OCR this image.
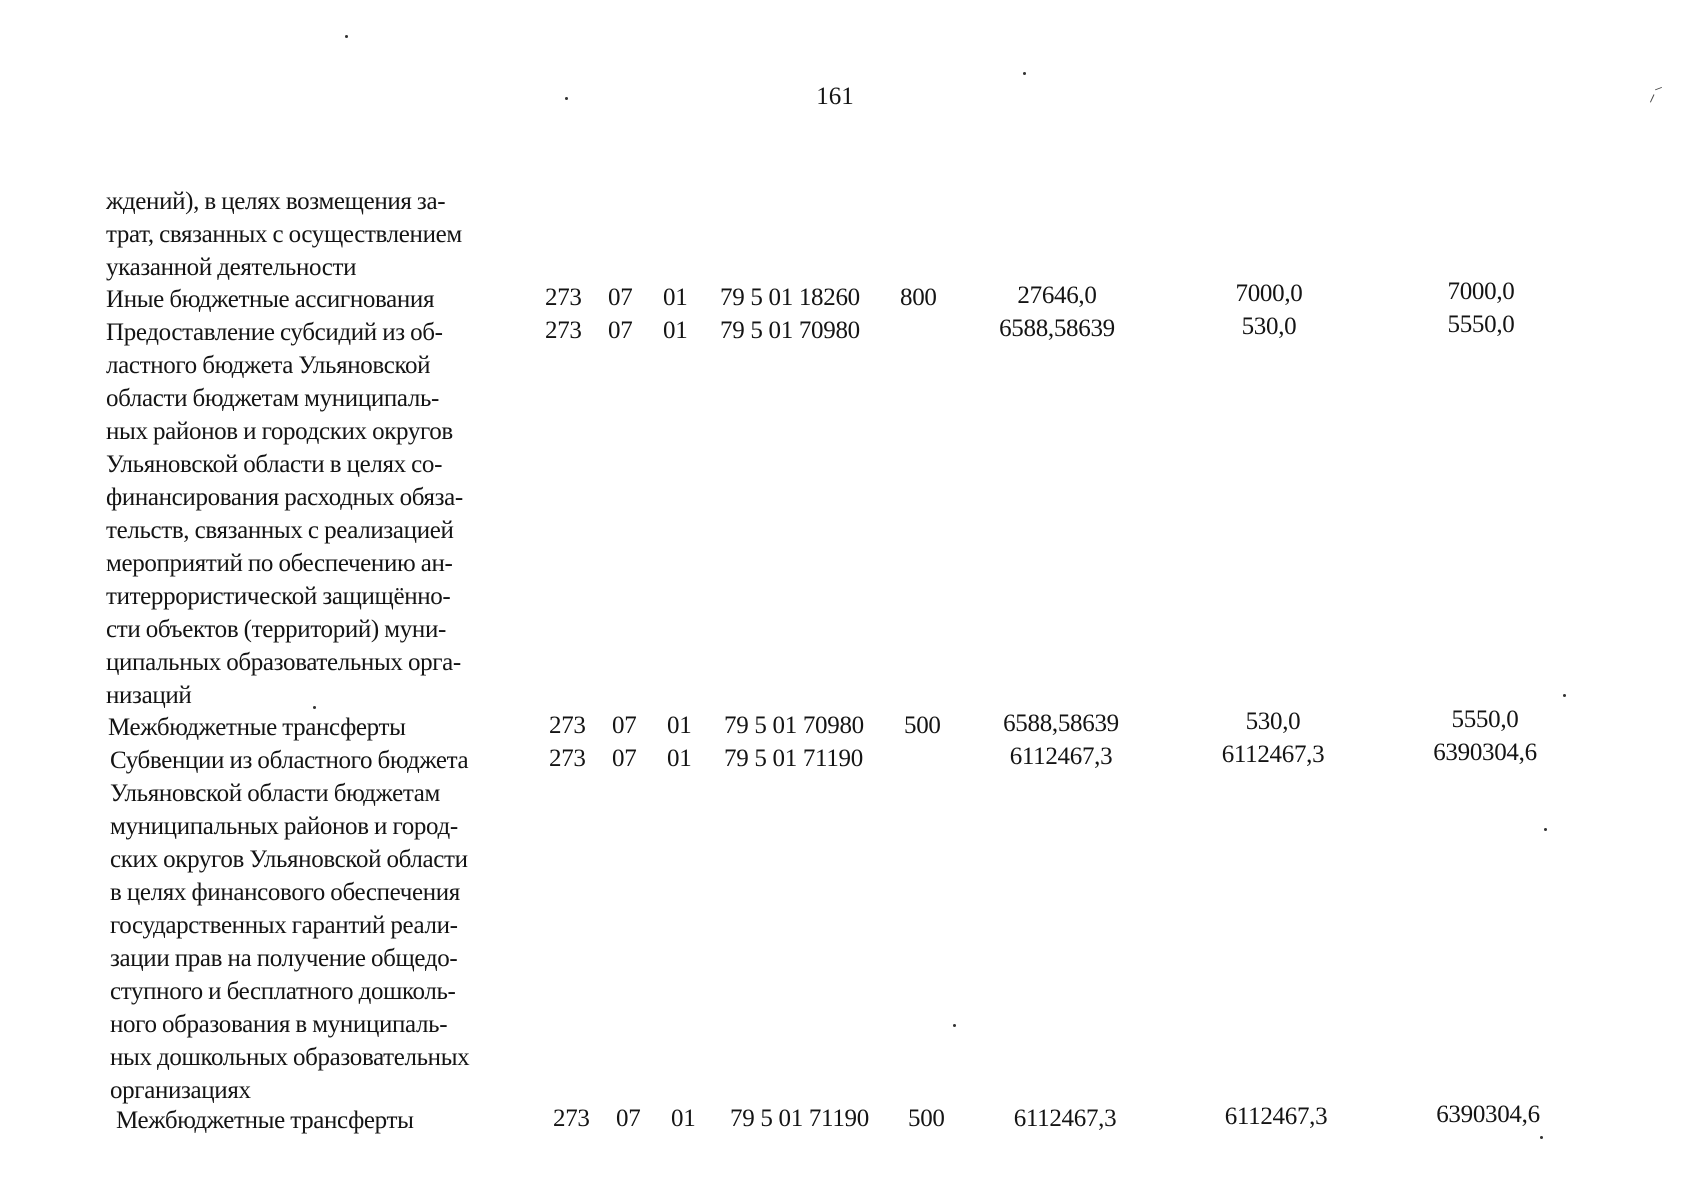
⸝⁻
161

ждений), в целях возмещения за-

трат, связанных с осуществлением

указанной деятельности

Иные бюджетные ассигнования	273 07 01 79 5 01 18260 800	27646,0	7000,0	7000,0

Предоставление субсидий из об-

ластного бюджета Ульяновской

области бюджетам муниципаль-

ных районов и городских округов

Ульяновской области в целях со-

финансирования расходных обяза-

тельств, связанных с реализацией

мероприятий по обеспечению ан-

титеррористической защищённо-

сти объектов (территорий) муни-

ципальных образовательных орга-

низаций

273 07 01 79 5 01 70980	6588,58639	530,0	5550,0

Межбюджетные трансферты	273 07 01 79 5 01 70980 500	6588,58639	530,0	5550,0

Субвенции из областного бюджета

Ульяновской области бюджетам

муниципальных районов и город-

ских округов Ульяновской области

в целях финансового обеспечения

государственных гарантий реали-

зации прав на получение общедо-

ступного и бесплатного дошколь-

ного образования в муниципаль-

ных дошкольных образовательных

организациях

273 07 01 79 5 01 71190	6112467,3	6112467,3	6390304,6

Межбюджетные трансферты	273 07 01 79 5 01 71190 500	6112467,3	6112467,3	6390304,6
